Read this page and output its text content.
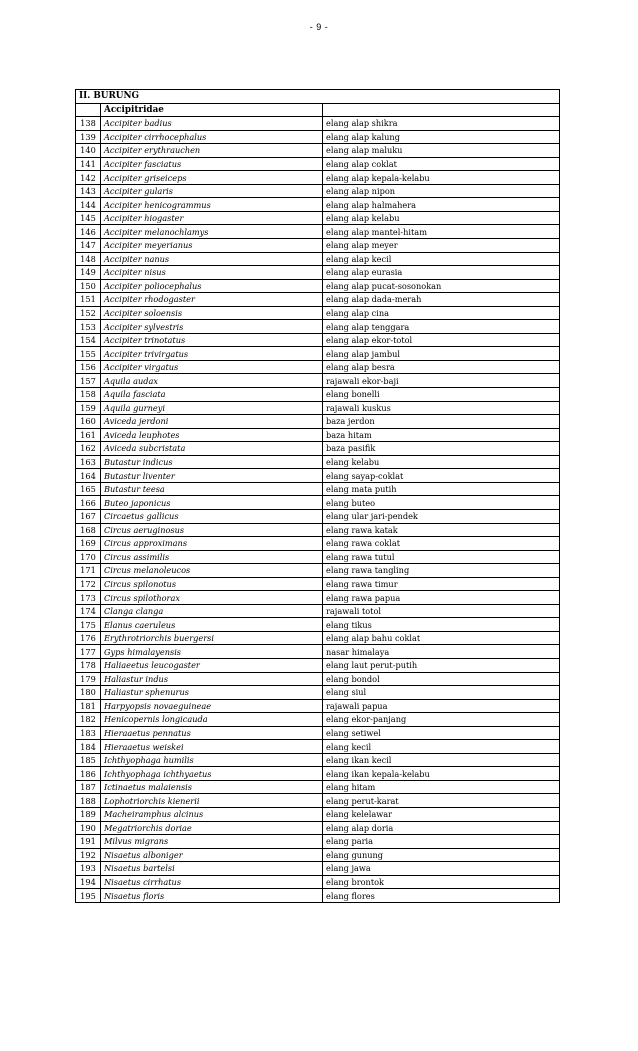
- 9 -
II. BURUNG		
	Accipitridae	
138	Accipiter badius	elang alap shikra
139	Accipiter cirrhocephalus	elang alap kalung
140	Accipiter erythrauchen	elang alap maluku
141	Accipiter fasciatus	elang alap coklat
142	Accipiter griseiceps	elang alap kepala-kelabu
143	Accipiter gularis	elang alap nipon
144	Accipiter henicogrammus	elang alap halmahera
145	Accipiter hiogaster	elang alap kelabu
146	Accipiter melanochlamys	elang alap mantel-hitam
147	Accipiter meyerianus	elang alap meyer
148	Accipiter nanus	elang alap kecil
149	Accipiter nisus	elang alap eurasia
150	Accipiter poliocephalus	elang alap pucat-sosonokan
151	Accipiter rhodogaster	elang alap dada-merah
152	Accipiter soloensis	elang alap cina
153	Accipiter sylvestris	elang alap tenggara
154	Accipiter trinotatus	elang alap ekor-totol
155	Accipiter trivirgatus	elang alap jambul
156	Accipiter virgatus	elang alap besra
157	Aquila audax	rajawali ekor-baji
158	Aquila fasciata	elang bonelli
159	Aquila gurneyi	rajawali kuskus
160	Aviceda jerdoni	baza jerdon
161	Aviceda leuphotes	baza hitam
162	Aviceda subcristata	baza pasifik
163	Butastur indicus	elang kelabu
164	Butastur liventer	elang sayap-coklat
165	Butastur teesa	elang mata putih
166	Buteo japonicus	elang buteo
167	Circaetus gallicus	elang ular jari-pendek
168	Circus aeruginosus	elang rawa katak
169	Circus approximans	elang rawa coklat
170	Circus assimilis	elang rawa tutul
171	Circus melanoleucos	elang rawa tangling
172	Circus spilonotus	elang rawa timur
173	Circus spilothorax	elang rawa papua
174	Clanga clanga	rajawali totol
175	Elanus caeruleus	elang tikus
176	Erythrotriorchis buergersi	elang alap bahu coklat
177	Gyps himalayensis	nasar himalaya
178	Haliaeetus leucogaster	elang laut perut-putih
179	Haliastur indus	elang bondol
180	Haliastur sphenurus	elang siul
181	Harpyopsis novaeguineae	rajawali papua
182	Henicopernis longicauda	elang ekor-panjang
183	Hieraaetus pennatus	elang setiwel
184	Hieraaetus weiskei	elang kecil
185	Ichthyophaga humilis	elang ikan kecil
186	Ichthyophaga ichthyaetus	elang ikan kepala-kelabu
187	Ictinaetus malaiensis	elang hitam
188	Lophotriorchis kienerii	elang perut-karat
189	Macheiramphus alcinus	elang kelelawar
190	Megatriorchis doriae	elang alap doria
191	Milvus migrans	elang paria
192	Nisaetus alboniger	elang gunung
193	Nisaetus bartelsi	elang jawa
194	Nisaetus cirrhatus	elang brontok
195	Nisaetus floris	elang flores
